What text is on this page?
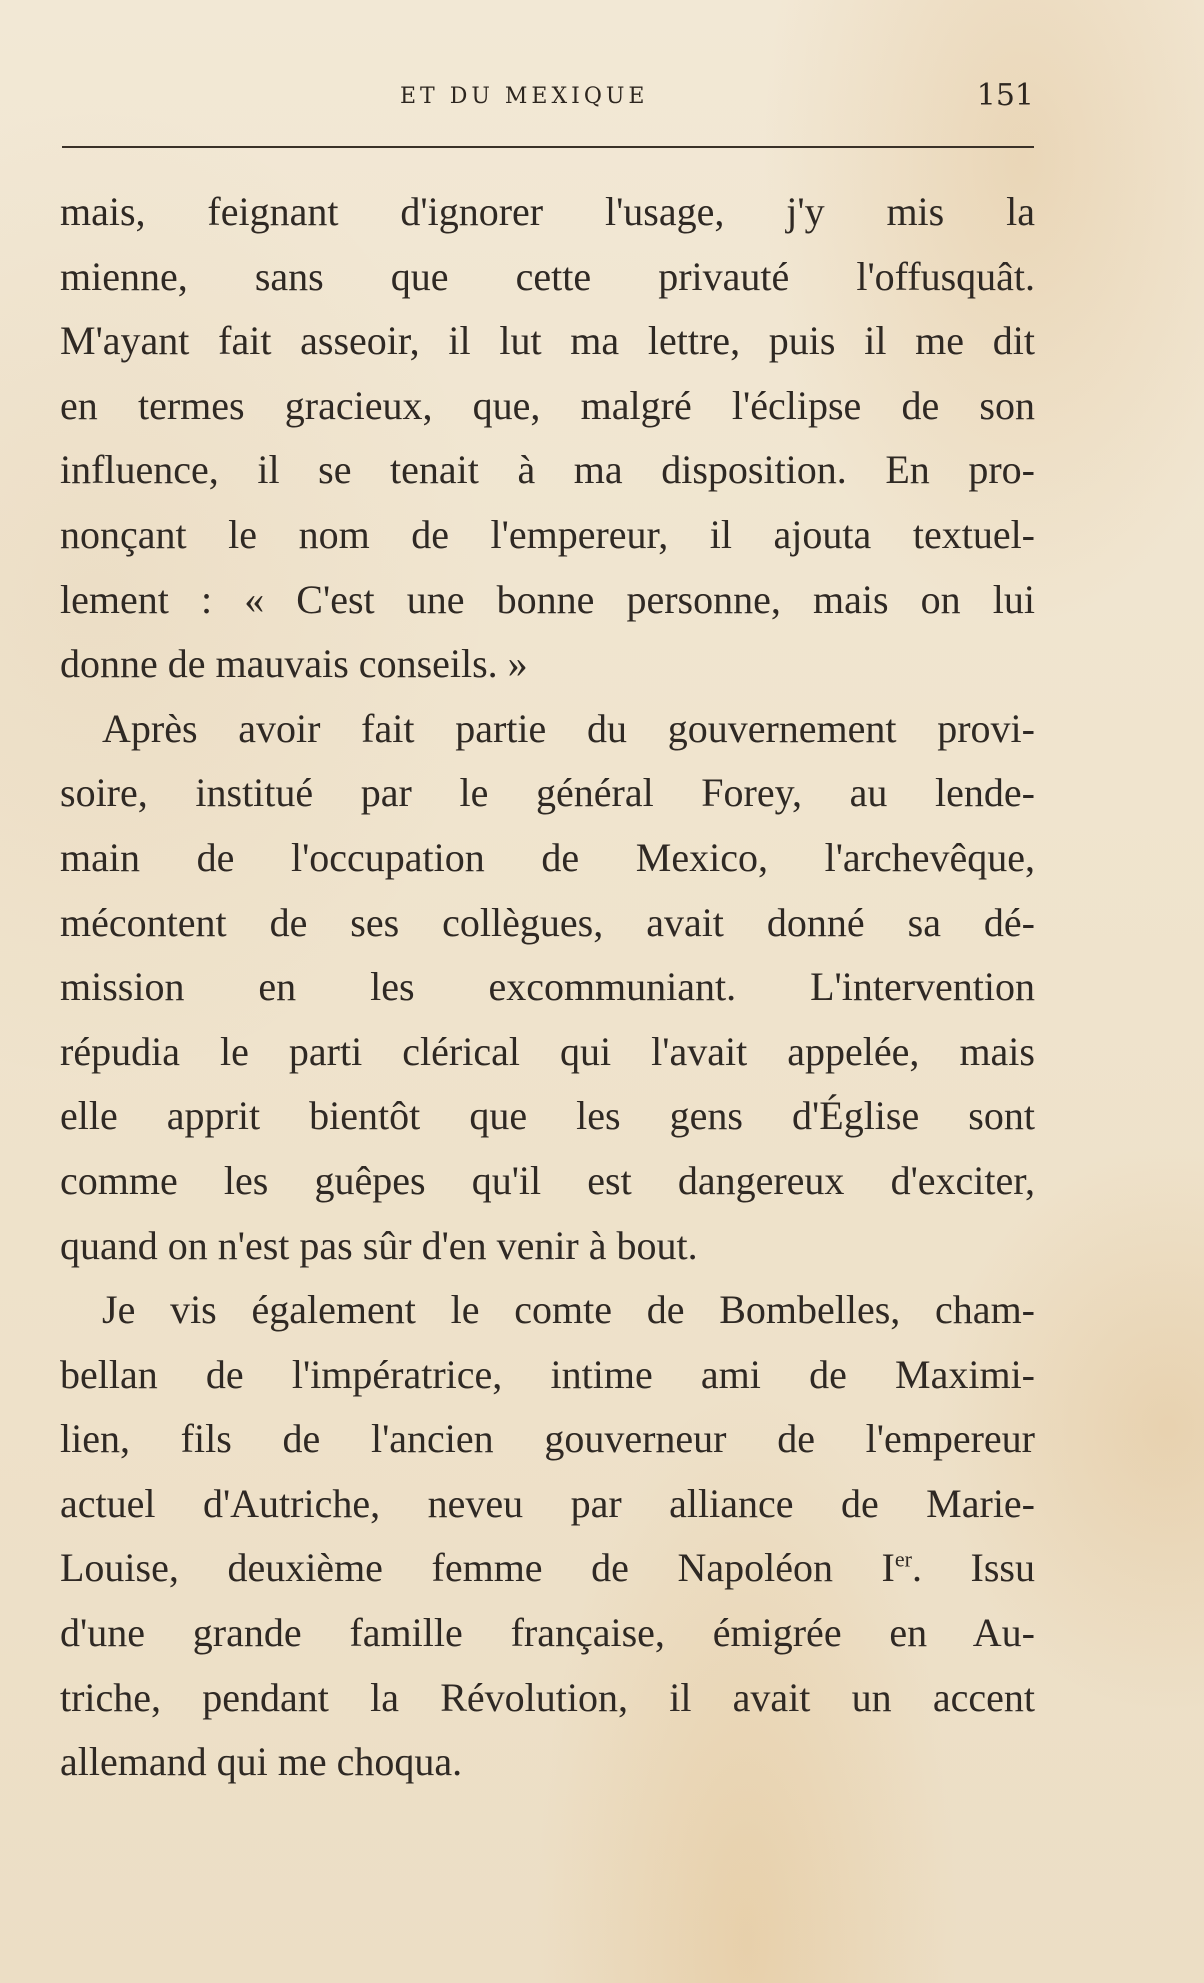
ET DU MEXIQUE	151
mais, feignant d'ignorer l'usage, j'y mis la
mienne, sans que cette privauté l'offusquât.
M'ayant fait asseoir, il lut ma lettre, puis il me dit
en termes gracieux, que, malgré l'éclipse de son
influence, il se tenait à ma disposition. En pro-
nonçant le nom de l'empereur, il ajouta textuel-
lement : « C'est une bonne personne, mais on lui
donne de mauvais conseils. »
Après avoir fait partie du gouvernement provi-
soire, institué par le général Forey, au lende-
main de l'occupation de Mexico, l'archevêque,
mécontent de ses collègues, avait donné sa dé-
mission en les excommuniant. L'intervention
répudia le parti clérical qui l'avait appelée, mais
elle apprit bientôt que les gens d'Église sont
comme les guêpes qu'il est dangereux d'exciter,
quand on n'est pas sûr d'en venir à bout.
Je vis également le comte de Bombelles, cham-
bellan de l'impératrice, intime ami de Maximi-
lien, fils de l'ancien gouverneur de l'empereur
actuel d'Autriche, neveu par alliance de Marie-
Louise, deuxième femme de Napoléon Ier. Issu
d'une grande famille française, émigrée en Au-
triche, pendant la Révolution, il avait un accent
allemand qui me choqua.
